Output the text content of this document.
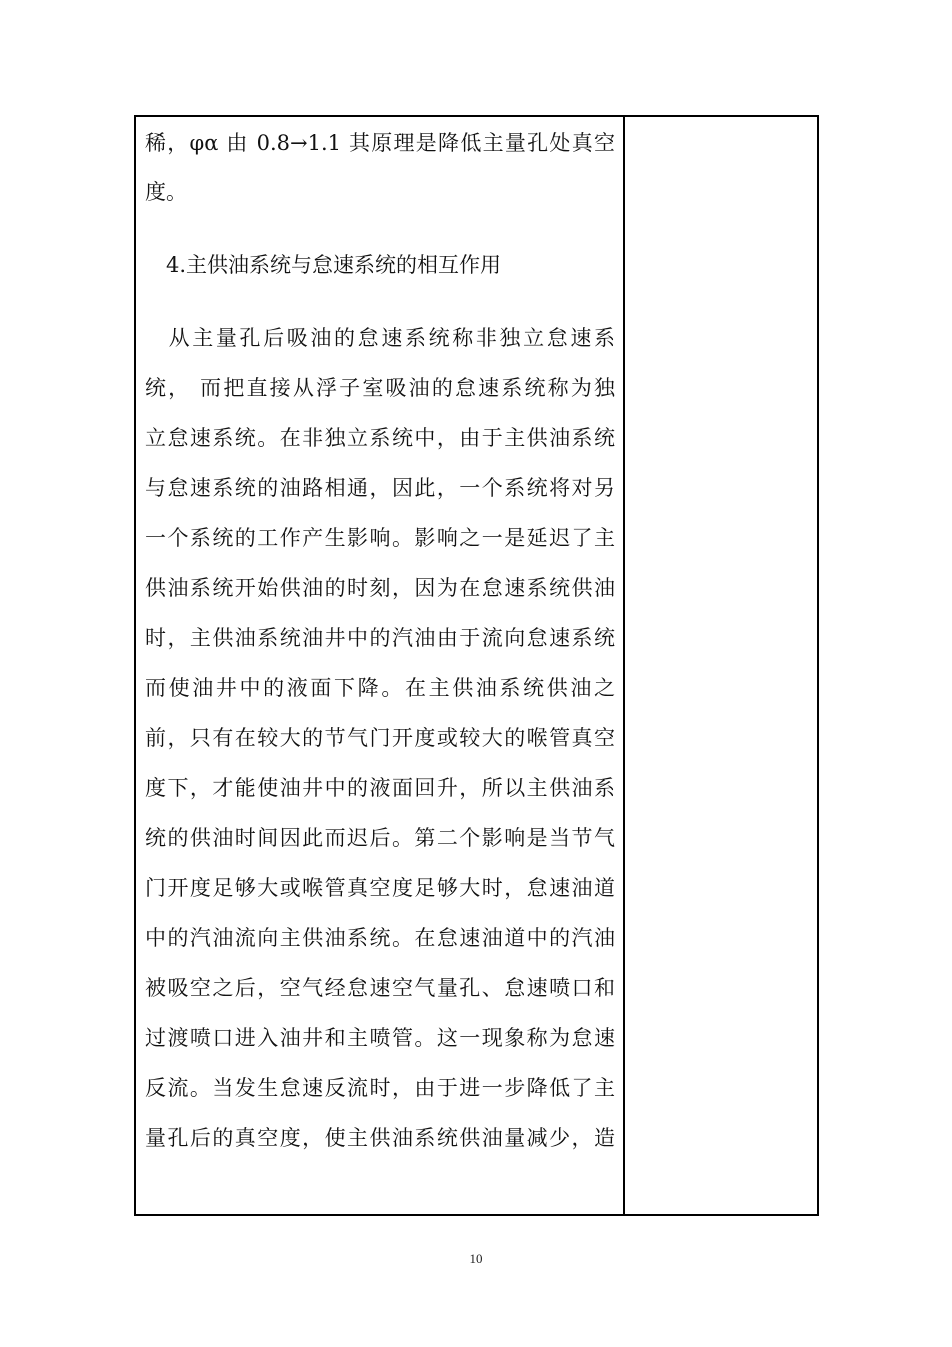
稀，φα 由 0.8→1.1 其原理是降低主量孔处真空
度。
　4.主供油系统与怠速系统的相互作用
　从主量孔后吸油的怠速系统称非独立怠速系
统， 而把直接从浮子室吸油的怠速系统称为独
立怠速系统。在非独立系统中，由于主供油系统
与怠速系统的油路相通，因此，一个系统将对另
一个系统的工作产生影响。影响之一是延迟了主
供油系统开始供油的时刻，因为在怠速系统供油
时，主供油系统油井中的汽油由于流向怠速系统
而使油井中的液面下降。在主供油系统供油之
前，只有在较大的节气门开度或较大的喉管真空
度下，才能使油井中的液面回升，所以主供油系
统的供油时间因此而迟后。第二个影响是当节气
门开度足够大或喉管真空度足够大时，怠速油道
中的汽油流向主供油系统。在怠速油道中的汽油
被吸空之后，空气经怠速空气量孔、怠速喷口和
过渡喷口进入油井和主喷管。这一现象称为怠速
反流。当发生怠速反流时，由于进一步降低了主
量孔后的真空度，使主供油系统供油量减少，造
10
